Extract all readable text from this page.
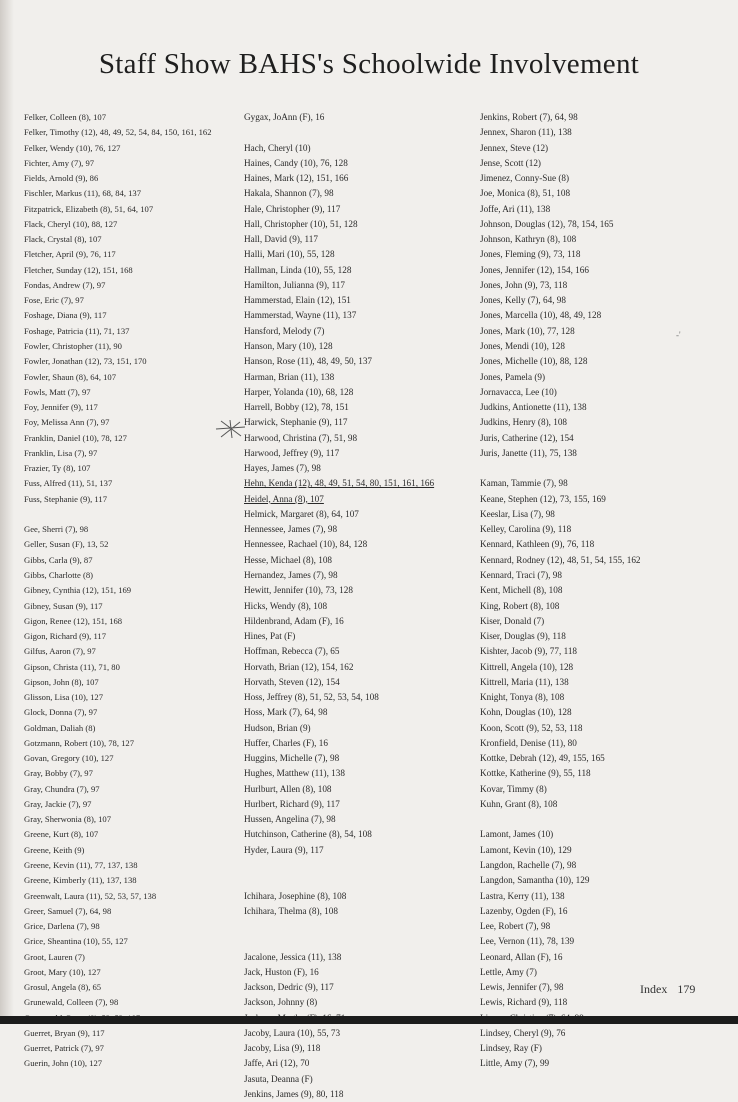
Staff Show BAHS's Schoolwide Involvement
Felker, Colleen (8), 107
Felker, Timothy (12), 48, 49, 52, 54, 84, 150, 161, 162
Felker, Wendy (10), 76, 127
Fichter, Amy (7), 97
Fields, Arnold (9), 86
Fischler, Markus (11), 68, 84, 137
Fitzpatrick, Elizabeth (8), 51, 64, 107
Flack, Cheryl (10), 88, 127
Flack, Crystal (8), 107
Fletcher, April (9), 76, 117
Fletcher, Sunday (12), 151, 168
Fondas, Andrew (7), 97
Fose, Eric (7), 97
Foshage, Diana (9), 117
Foshage, Patricia (11), 71, 137
Fowler, Christopher (11), 90
Fowler, Jonathan (12), 73, 151, 170
Fowler, Shaun (8), 64, 107
Fowls, Matt (7), 97
Foy, Jennifer (9), 117
Foy, Melissa Ann (7), 97
Franklin, Daniel (10), 78, 127
Franklin, Lisa (7), 97
Frazier, Ty (8), 107
Fuss, Alfred (11), 51, 137
Fuss, Stephanie (9), 117
Gee, Sherri (7), 98
Geller, Susan (F), 13, 52
Gibbs, Carla (9), 87
Gibbs, Charlotte (8)
Gibney, Cynthia (12), 151, 169
Gibney, Susan (9), 117
Gigon, Renee (12), 151, 168
Gigon, Richard (9), 117
Gilfus, Aaron (7), 97
Gipson, Christa (11), 71, 80
Gipson, John (8), 107
Glisson, Lisa (10), 127
Glock, Donna (7), 97
Goldman, Daliah (8)
Gotzmann, Robert (10), 78, 127
Govan, Gregory (10), 127
Gray, Bobby (7), 97
Gray, Chundra (7), 97
Gray, Jackie (7), 97
Gray, Sherwonia (8), 107
Greene, Kurt (8), 107
Greene, Keith (9)
Greene, Kevin (11), 77, 137, 138
Greene, Kimberly (11), 137, 138
Greenwalt, Laura (11), 52, 53, 57, 138
Greer, Samuel (7), 64, 98
Grice, Darlena (7), 98
Grice, Sheantina (10), 55, 127
Groot, Lauren (7)
Groot, Mary (10), 127
Grosul, Angela (8), 65
Grunewald, Colleen (7), 98
Guerret, Bryan (9), 117
Guerret, Patrick (7), 97
Guerin, John (10), 127
Gygax, JoAnn (F), 16
Hach, Cheryl (10)
Haines, Candy (10), 76, 128
Haines, Mark (12), 151, 166
Hakala, Shannon (7), 98
Hale, Christopher (9), 117
Hall, Christopher (10), 51, 128
Hall, David (9), 117
Halli, Mari (10), 55, 128
Hallman, Linda (10), 55, 128
Hamilton, Julianna (9), 117
Hammerstad, Elain (12), 151
Hammerstad, Wayne (11), 137
Hansford, Melody (7)
Hanson, Mary (10), 128
Hanson, Rose (11), 48, 49, 50, 137
Harman, Brian (11), 138
Harper, Yolanda (10), 68, 128
Harrell, Bobby (12), 78, 151
Harwick, Stephanie (9), 117
Harwood, Christina (7), 51, 98
Harwood, Jeffrey (9), 117
Hayes, James (7), 98
Hehn, Kenda (12), 48, 49, 51, 54, 80, 151, 161, 166
Heidel, Anna (8), 107
Helmick, Margaret (8), 64, 107
Hennessee, James (7), 98
Hennessee, Rachael (10), 84, 128
Hesse, Michael (8), 108
Hernandez, James (7), 98
Hewitt, Jennifer (10), 73, 128
Hicks, Wendy (8), 108
Hildenbrand, Adam (F), 16
Hines, Pat (F)
Hoffman, Rebecca (7), 65
Horvath, Brian (12), 154, 162
Horvath, Steven (12), 154
Hoss, Jeffrey (8), 51, 52, 53, 54, 108
Hoss, Mark (7), 64, 98
Hudson, Brian (9)
Huffer, Charles (F), 16
Huggins, Michelle (7), 98
Hughes, Matthew (11), 138
Hurlburt, Allen (8), 108
Hurlbert, Richard (9), 117
Hussen, Angelina (7), 98
Hutchinson, Catherine (8), 54, 108
Hyder, Laura (9), 117
Ichihara, Josephine (8), 108
Ichihara, Thelma (8), 108
Jacalone, Jessica (11), 138
Jack, Huston (F), 16
Jackson, Dedric (9), 117
Jackson, Johnny (8)
Jacoby, Laura (10), 55, 73
Jacoby, Lisa (9), 118
Jaffe, Ari (12), 70
Jasuta, Deanna (F)
Jenkins, James (9), 80, 118
Jenkins, Robert (7), 64, 98
Jennex, Sharon (11), 138
Jennex, Steve (12)
Jense, Scott (12)
Jimenez, Conny-Sue (8)
Joe, Monica (8), 51, 108
Joffe, Ari (11), 138
Johnson, Douglas (12), 78, 154, 165
Johnson, Kathryn (8), 108
Jones, Fleming (9), 73, 118
Jones, Jennifer (12), 154, 166
Jones, John (9), 73, 118
Jones, Kelly (7), 64, 98
Jones, Marcella (10), 48, 49, 128
Jones, Mark (10), 77, 128
Jones, Mendi (10), 128
Jones, Michelle (10), 88, 128
Jones, Pamela (9)
Jornavacca, Lee (10)
Judkins, Antionette (11), 138
Judkins, Henry (8), 108
Juris, Catherine (12), 154
Juris, Janette (11), 75, 138
Kaman, Tammie (7), 98
Keane, Stephen (12), 73, 155, 169
Keeslar, Lisa (7), 98
Kelley, Carolina (9), 118
Kennard, Kathleen (9), 76, 118
Kennard, Rodney (12), 48, 51, 54, 155, 162
Kennard, Traci (7), 98
Kent, Michell (8), 108
King, Robert (8), 108
Kiser, Donald (7)
Kiser, Douglas (9), 118
Kishter, Jacob (9), 77, 118
Kittrell, Angela (10), 128
Kittrell, Maria (11), 138
Knight, Tonya (8), 108
Kohn, Douglas (10), 128
Koon, Scott (9), 52, 53, 118
Kronfield, Denise (11), 80
Kottke, Debrah (12), 49, 155, 165
Kottke, Katherine (9), 55, 118
Kovar, Timmy (8)
Kuhn, Grant (8), 108
Lamont, James (10)
Lamont, Kevin (10), 129
Langdon, Rachelle (7), 98
Langdon, Samantha (10), 129
Lastra, Kerry (11), 138
Lazenby, Ogden (F), 16
Lee, Robert (7), 98
Lee, Vernon (11), 78, 139
Leonard, Allan (F), 16
Lettle, Amy (7)
Lewis, Jennifer (7), 98
Lewis, Richard (9), 118
Lindsey, Cheryl (9), 76
Lindsey, Ray (F)
Little, Amy (7), 99
-'
Index 179
